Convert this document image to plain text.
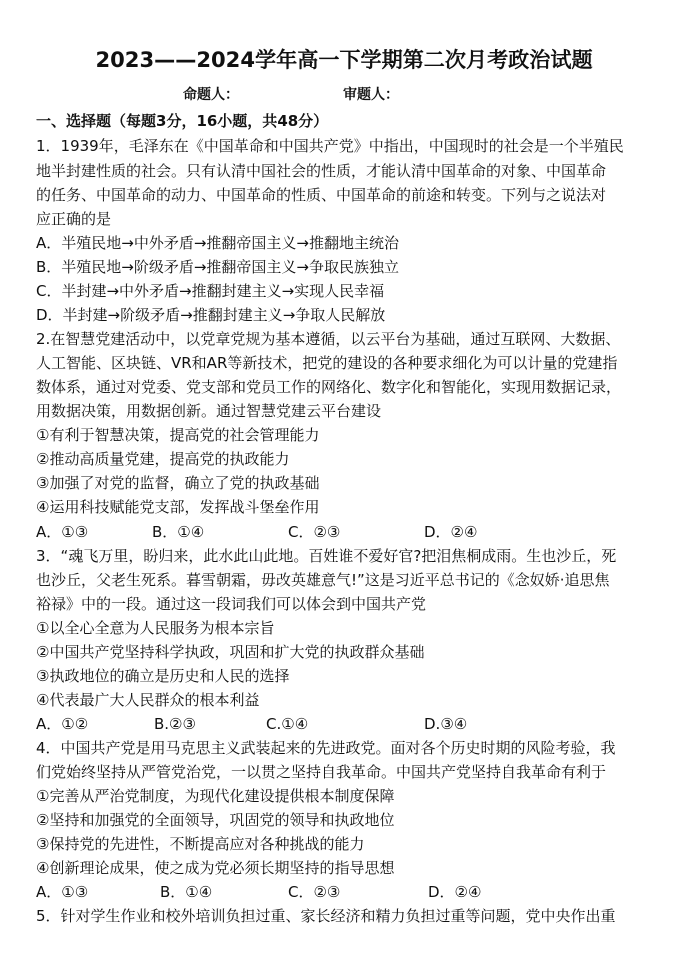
2023——2024学年高一下学期第二次月考政治试题
命题人：	审题人：
一、选择题（每题3分，16小题，共48分）
1．1939年，毛泽东在《中国革命和中国共产党》中指出，中国现时的社会是一个半殖民
地半封建性质的社会。只有认清中国社会的性质，才能认清中国革命的对象、中国革命
的任务、中国革命的动力、中国革命的性质、中国革命的前途和转变。下列与之说法对
应正确的是
A．半殖民地→中外矛盾→推翻帝国主义→推翻地主统治
B．半殖民地→阶级矛盾→推翻帝国主义→争取民族独立
C．半封建→中外矛盾→推翻封建主义→实现人民幸福
D．半封建→阶级矛盾→推翻封建主义→争取人民解放
2.在智慧党建活动中，以党章党规为基本遵循，以云平台为基础，通过互联网、大数据、
人工智能、区块链、VR和AR等新技术，把党的建设的各种要求细化为可以计量的党建指
数体系，通过对党委、党支部和党员工作的网络化、数字化和智能化，实现用数据记录，
用数据决策，用数据创新。通过智慧党建云平台建设
①有利于智慧决策，提高党的社会管理能力
②推动高质量党建，提高党的执政能力
③加强了对党的监督，确立了党的执政基础
④运用科技赋能党支部，发挥战斗堡垒作用
A．①③	B．①④	C．②③	D．②④
3．“魂飞万里，盼归来，此水此山此地。百姓谁不爱好官?把泪焦桐成雨。生也沙丘，死
也沙丘，父老生死系。暮雪朝霜，毋改英雄意气!”这是习近平总书记的《念奴娇·追思焦
裕禄》中的一段。通过这一段词我们可以体会到中国共产党
①以全心全意为人民服务为根本宗旨
②中国共产党坚持科学执政，巩固和扩大党的执政群众基础
③执政地位的确立是历史和人民的选择
④代表最广大人民群众的根本利益
A．①②	B.②③	C.①④	D.③④
4．中国共产党是用马克思主义武装起来的先进政党。面对各个历史时期的风险考验，我
们党始终坚持从严管党治党，一以贯之坚持自我革命。中国共产党坚持自我革命有利于
①完善从严治党制度，为现代化建设提供根本制度保障
②坚持和加强党的全面领导，巩固党的领导和执政地位
③保持党的先进性，不断提高应对各种挑战的能力
④创新理论成果，使之成为党必须长期坚持的指导思想
A．①③	B．①④	C．②③	D．②④
5．针对学生作业和校外培训负担过重、家长经济和精力负担过重等问题，党中央作出重
